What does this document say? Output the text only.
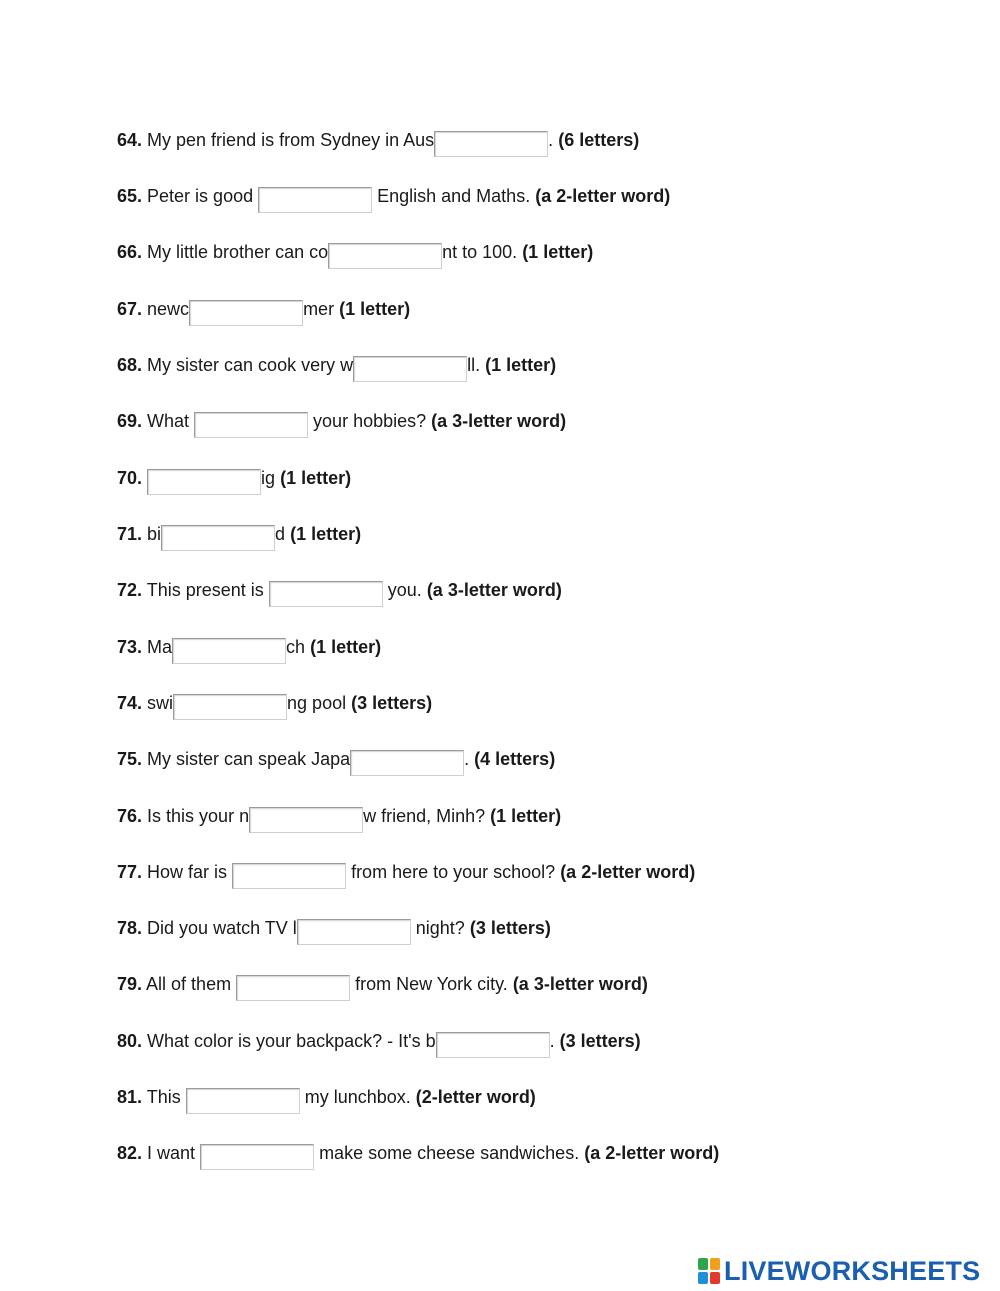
64. My pen friend is from Sydney in Aus	. (6 letters)
65. Peter is good	English and Maths. (a 2-letter word)
66. My little brother can co	nt to 100. (1 letter)
67. newc	mer (1 letter)
68. My sister can cook very w	ll. (1 letter)
69. What	your hobbies? (a 3-letter word)
70.	ig (1 letter)
71. bi	d (1 letter)
72. This present is	you. (a 3-letter word)
73. Ma	ch (1 letter)
74. swi	ng pool (3 letters)
75. My sister can speak Japa	. (4 letters)
76. Is this your n	w friend, Minh? (1 letter)
77. How far is	from here to your school? (a 2-letter word)
78. Did you watch TV l	night? (3 letters)
79. All of them	from New York city. (a 3-letter word)
80. What color is your backpack? - It's b	. (3 letters)
81. This	my lunchbox. (2-letter word)
82. I want	make some cheese sandwiches. (a 2-letter word)
LIVEWORKSHEETS
